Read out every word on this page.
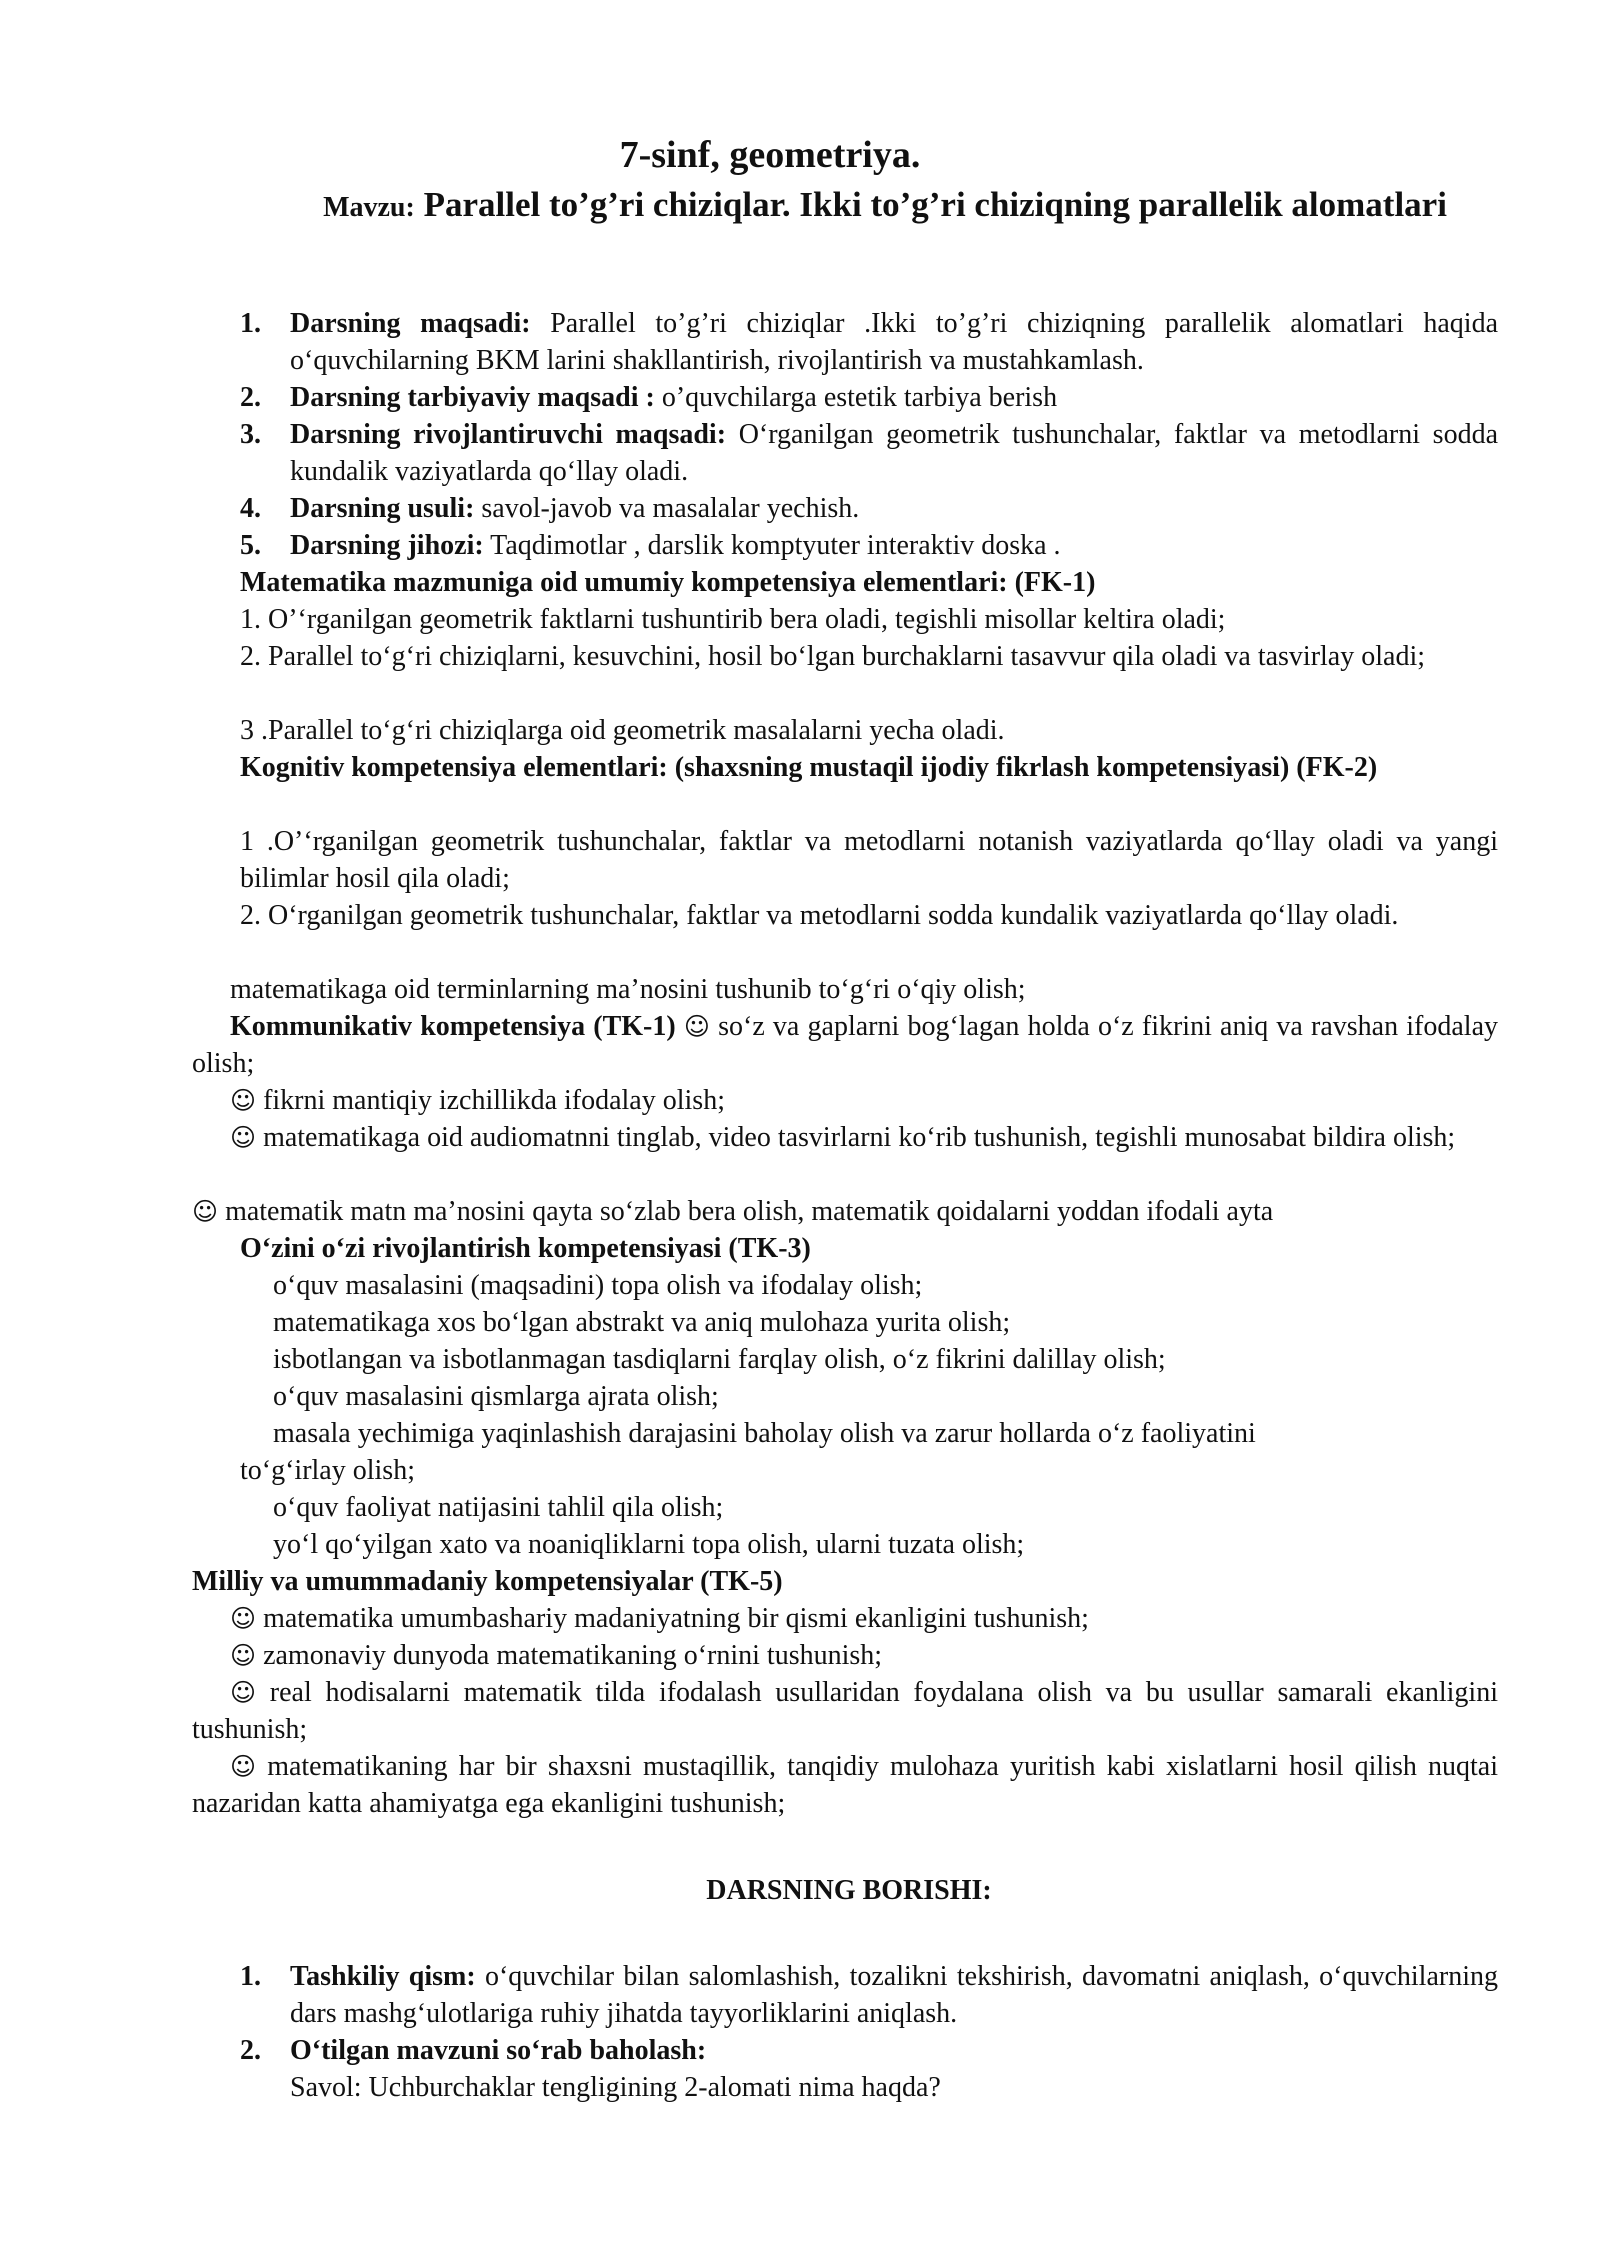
7-sinf, geometriya.
Mavzu: Parallel to’g’ri chiziqlar. Ikki to’g’ri chiziqning parallelik alomatlari
1. Darsning maqsadi: Parallel to’g’ri chiziqlar .Ikki to’g’ri chiziqning parallelik alomatlari haqida o‘quvchilarning BKM larini shakllantirish, rivojlantirish va mustahkamlash.
2. Darsning tarbiyaviy maqsadi : o’quvchilarga estetik tarbiya berish
3. Darsning rivojlantiruvchi maqsadi: O‘rganilgan geometrik tushunchalar, faktlar va metodlarni sodda kundalik vaziyatlarda qo‘llay oladi.
4. Darsning usuli: savol-javob va masalalar yechish.
5. Darsning jihozi: Taqdimotlar , darslik komptyuter interaktiv doska .
Matematika mazmuniga oid umumiy kompetensiya elementlari: (FK-1)
1. O’‘rganilgan geometrik faktlarni tushuntirib bera oladi, tegishli misollar keltira oladi;
2. Parallel to‘g‘ri chiziqlarni, kesuvchini, hosil bo‘lgan burchaklarni tasavvur qila oladi va tasvirlay oladi;
3 .Parallel to‘g‘ri chiziqlarga oid geometrik masalalarni yecha oladi.
Kognitiv kompetensiya elementlari: (shaxsning mustaqil ijodiy fikrlash kompetensiyasi) (FK-2)
1 .O’‘rganilgan geometrik tushunchalar, faktlar va metodlarni notanish vaziyatlarda qo‘llay oladi va yangi bilimlar hosil qila oladi;
2. O‘rganilgan geometrik tushunchalar, faktlar va metodlarni sodda kundalik vaziyatlarda qo‘llay oladi.
matematikaga oid terminlarning ma’nosini tushunib to‘g‘ri o‘qiy olish;
Kommunikativ kompetensiya (TK-1) ☺ so‘z va gaplarni bog‘lagan holda o‘z fikrini aniq va ravshan ifodalay olish;
☺ fikrni mantiqiy izchillikda ifodalay olish;
☺ matematikaga oid audiomatnni tinglab, video tasvirlarni ko‘rib tushunish, tegishli munosabat bildira olish;
☺ matematik matn ma’nosini qayta so‘zlab bera olish, matematik qoidalarni yoddan ifodali ayta
O‘zini o‘zi rivojlantirish kompetensiyasi (TK-3)
o‘quv masalasini (maqsadini) topa olish va ifodalay olish;
matematikaga xos bo‘lgan abstrakt va aniq mulohaza yurita olish;
isbotlangan va isbotlanmagan tasdiqlarni farqlay olish, o‘z fikrini dalillay olish;
o‘quv masalasini qismlarga ajrata olish;
masala yechimiga yaqinlashish darajasini baholay olish va zarur hollarda o‘z faoliyatini
to‘g‘irlay olish;
o‘quv faoliyat natijasini tahlil qila olish;
yo‘l qo‘yilgan xato va noaniqliklarni topa olish, ularni tuzata olish;
Milliy va umummadaniy kompetensiyalar (TK-5)
☺ matematika umumbashariy madaniyatning bir qismi ekanligini tushunish;
☺ zamonaviy dunyoda matematikaning o‘rnini tushunish;
☺ real hodisalarni matematik tilda ifodalash usullaridan foydalana olish va bu usullar samarali ekanligini tushunish;
☺ matematikaning har bir shaxsni mustaqillik, tanqidiy mulohaza yuritish kabi xislatlarni hosil qilish nuqtai nazaridan katta ahamiyatga ega ekanligini tushunish;
DARSNING BORISHI:
1. Tashkiliy qism: o‘quvchilar bilan salomlashish, tozalikni tekshirish, davomatni aniqlash, o‘quvchilarning dars mashg‘ulotlariga ruhiy jihatda tayyorliklarini aniqlash.
2. O‘tilgan mavzuni so‘rab baholash:
Savol: Uchburchaklar tengligining 2-alomati nima haqda?
